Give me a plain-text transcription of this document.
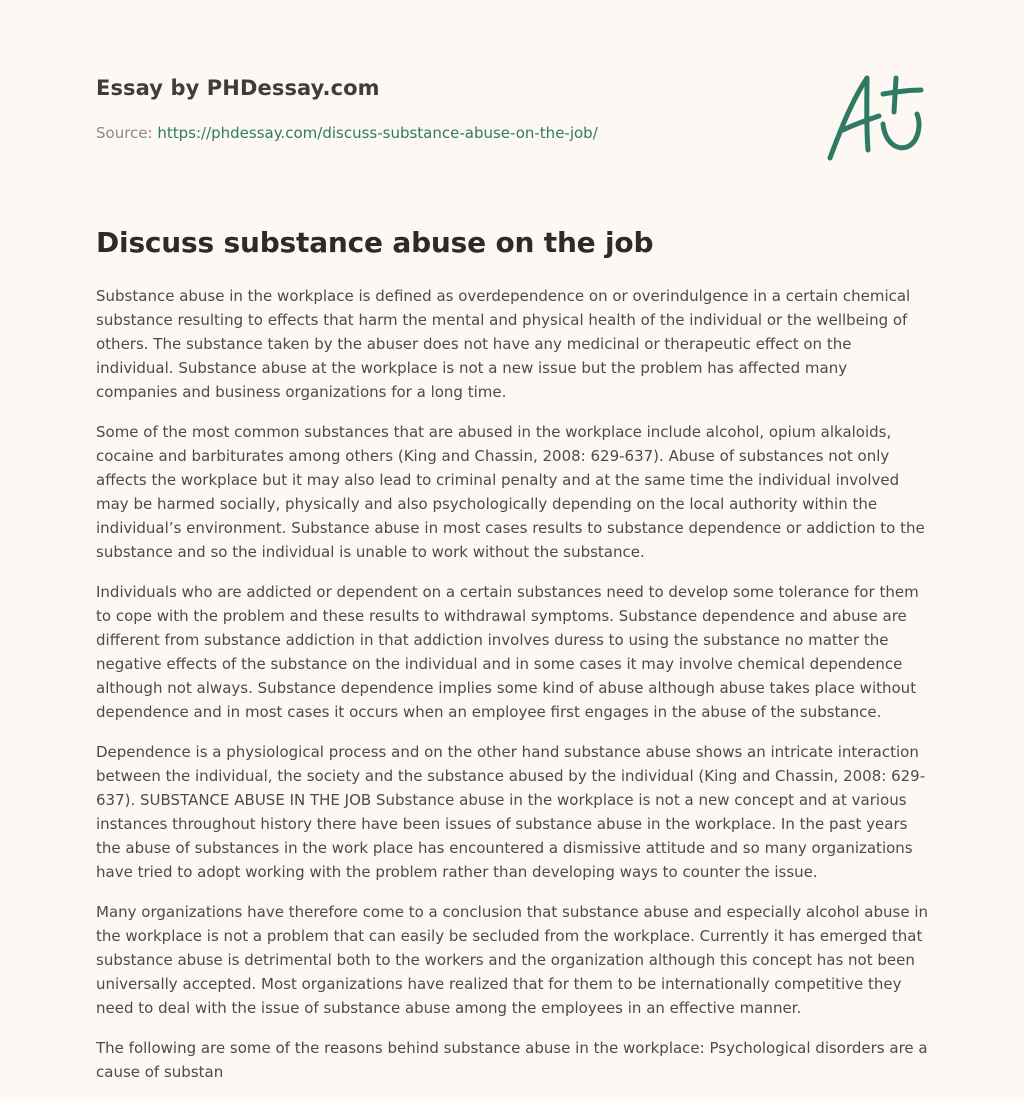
Essay by PHDessay.com
Source: https://phdessay.com/discuss-substance-abuse-on-the-job/
Discuss substance abuse on the job

Substance abuse in the workplace is defined as overdependence on or overindulgence in a certain chemical substance resulting to effects that harm the mental and physical health of the individual or the wellbeing of others. The substance taken by the abuser does not have any medicinal or therapeutic effect on the individual. Substance abuse at the workplace is not a new issue but the problem has affected many companies and business organizations for a long time.

Some of the most common substances that are abused in the workplace include alcohol, opium alkaloids, cocaine and barbiturates among others (King and Chassin, 2008: 629-637). Abuse of substances not only affects the workplace but it may also lead to criminal penalty and at the same time the individual involved may be harmed socially, physically and also psychologically depending on the local authority within the individual’s environment. Substance abuse in most cases results to substance dependence or addiction to the substance and so the individual is unable to work without the substance.

Individuals who are addicted or dependent on a certain substances need to develop some tolerance for them to cope with the problem and these results to withdrawal symptoms. Substance dependence and abuse are different from substance addiction in that addiction involves duress to using the substance no matter the negative effects of the substance on the individual and in some cases it may involve chemical dependence although not always. Substance dependence implies some kind of abuse although abuse takes place without dependence and in most cases it occurs when an employee first engages in the abuse of the substance.

Dependence is a physiological process and on the other hand substance abuse shows an intricate interaction between the individual, the society and the substance abused by the individual (King and Chassin, 2008: 629-637). SUBSTANCE ABUSE IN THE JOB Substance abuse in the workplace is not a new concept and at various instances throughout history there have been issues of substance abuse in the workplace. In the past years the abuse of substances in the work place has encountered a dismissive attitude and so many organizations have tried to adopt working with the problem rather than developing ways to counter the issue.

Many organizations have therefore come to a conclusion that substance abuse and especially alcohol abuse in the workplace is not a problem that can easily be secluded from the workplace. Currently it has emerged that substance abuse is detrimental both to the workers and the organization although this concept has not been universally accepted. Most organizations have realized that for them to be internationally competitive they need to deal with the issue of substance abuse among the employees in an effective manner.

The following are some of the reasons behind substance abuse in the workplace: Psychological disorders are a cause of substan
